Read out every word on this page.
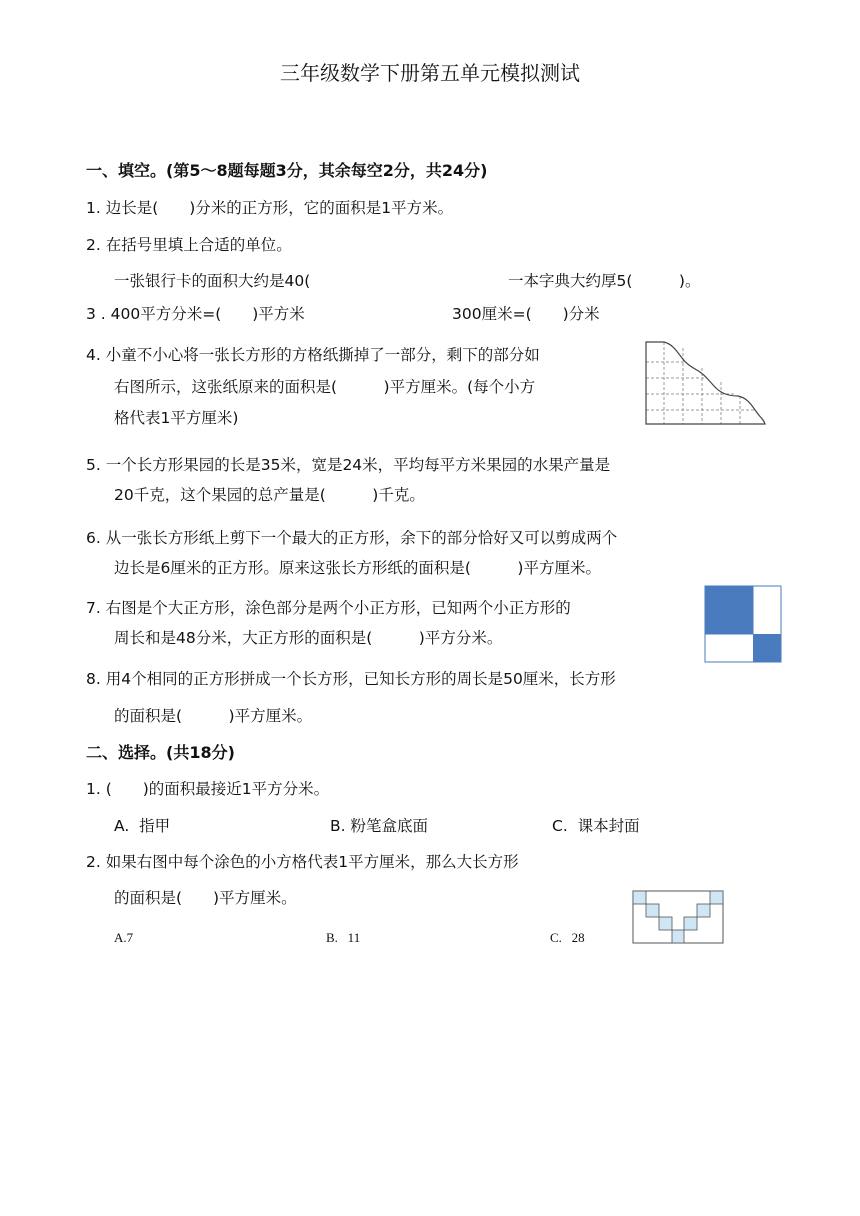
三年级数学下册第五单元模拟测试
一、填空。(第5～8题每题3分，其余每空2分，共24分)
1. 边长是(　　)分米的正方形，它的面积是1平方米。
2. 在括号里填上合适的单位。
一张银行卡的面积大约是40(	一本字典大约厚5(　　　)。
3 . 400平方分米=(　　)平方米	300厘米=(　　)分米
4. 小童不小心将一张长方形的方格纸撕掉了一部分，剩下的部分如
右图所示，这张纸原来的面积是(　　　)平方厘米。(每个小方
格代表1平方厘米)
5. 一个长方形果园的长是35米，宽是24米，平均每平方米果园的水果产量是
20千克，这个果园的总产量是(　　　)千克。
6. 从一张长方形纸上剪下一个最大的正方形，余下的部分恰好又可以剪成两个
边长是6厘米的正方形。原来这张长方形纸的面积是(　　　)平方厘米。
7. 右图是个大正方形，涂色部分是两个小正方形，已知两个小正方形的
周长和是48分米，大正方形的面积是(　　　)平方分米。
8. 用4个相同的正方形拼成一个长方形，已知长方形的周长是50厘米，长方形
的面积是(　　　)平方厘米。
二、选择。(共18分)
1. (　　)的面积最接近1平方分米。
A.  指甲	B. 粉笔盒底面	C.  课本封面
2. 如果右图中每个涂色的小方格代表1平方厘米，那么大长方形
的面积是(　　)平方厘米。
A.7	B.   11	C.   28
